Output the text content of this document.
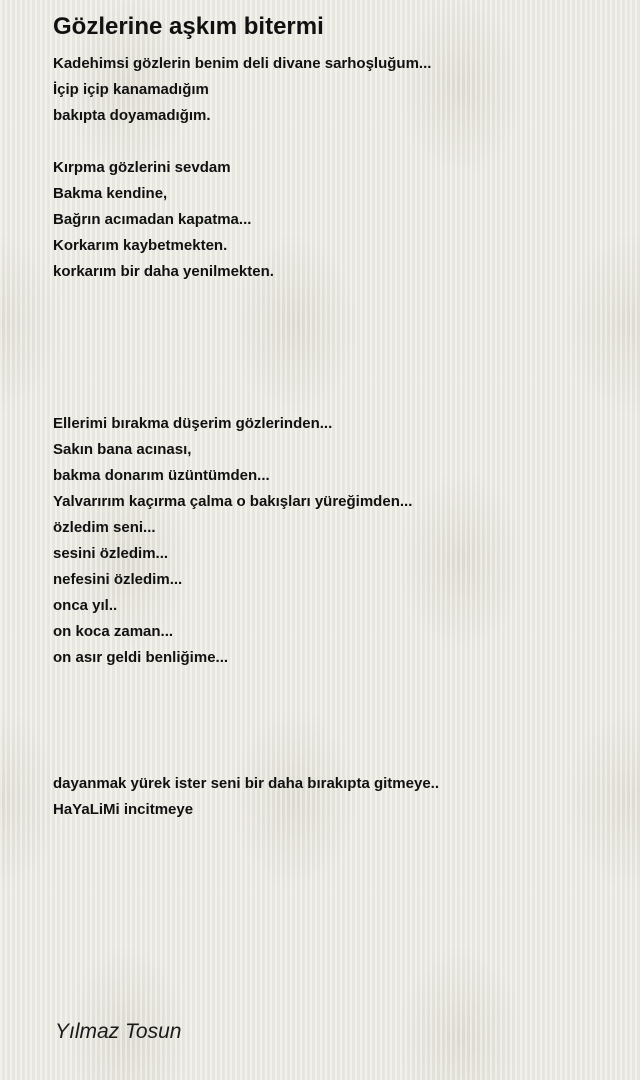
Gözlerine aşkım bitermi
Kadehimsi gözlerin benim deli divane sarhoşluğum...
İçip içip kanamadığım
bakıpta doyamadığım.
Kırpma gözlerini sevdam
Bakma kendine,
Bağrın acımadan kapatma...
Korkarım kaybetmekten.
korkarım bir daha yenilmekten.
Ellerimi bırakma düşerim gözlerinden...
Sakın bana acınası,
bakma donarım üzüntümden...
Yalvarırım kaçırma çalma o bakışları yüreğimden...
özledim seni...
sesini özledim...
nefesini özledim...
onca yıl..
on koca zaman...
on asır geldi benliğime...
dayanmak yürek ister seni bir daha bırakıpta gitmeye..
HaYaLiMi incitmeye
Yılmaz Tosun
